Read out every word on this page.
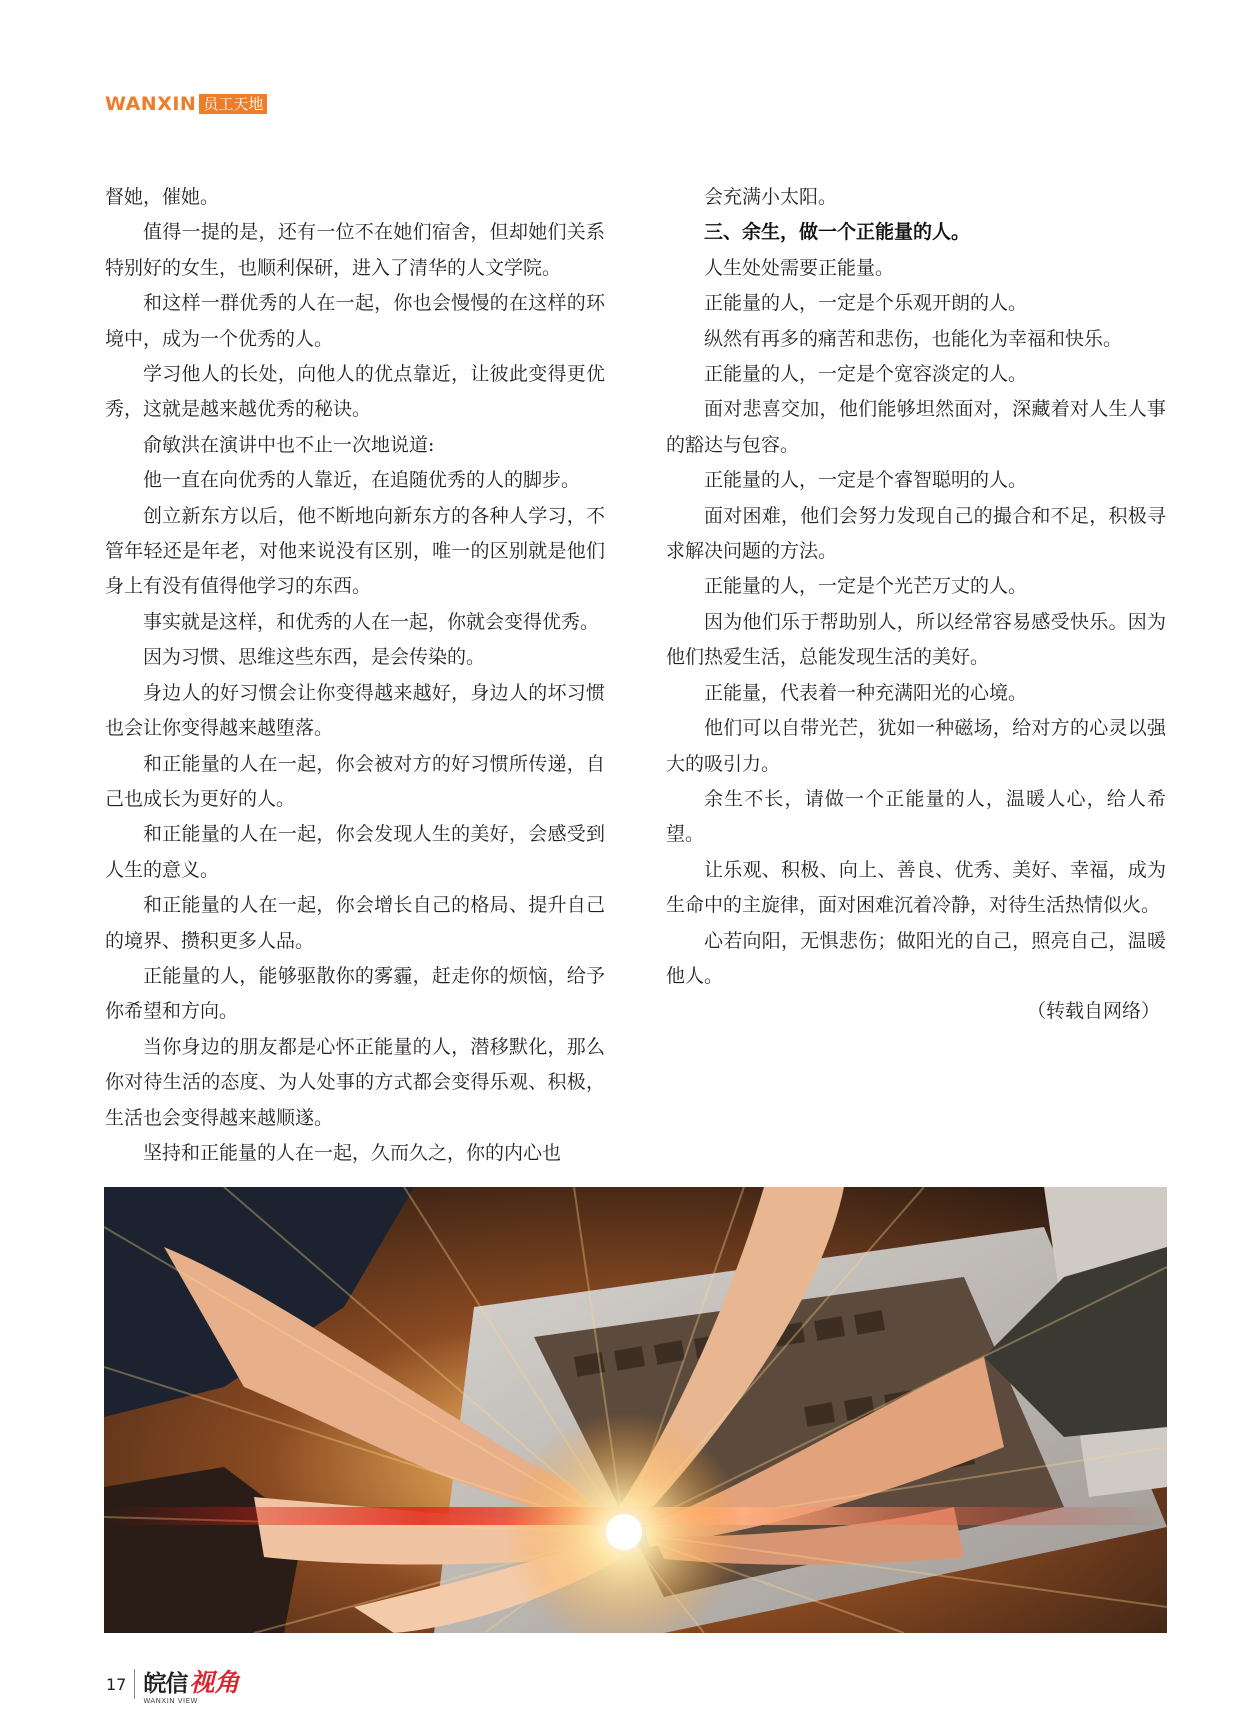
WANXIN 员工天地

督她，催她。

值得一提的是，还有一位不在她们宿舍，但却她们关系特别好的女生，也顺利保研，进入了清华的人文学院。

和这样一群优秀的人在一起，你也会慢慢的在这样的环境中，成为一个优秀的人。

学习他人的长处，向他人的优点靠近，让彼此变得更优秀，这就是越来越优秀的秘诀。

俞敏洪在演讲中也不止一次地说道:

他一直在向优秀的人靠近，在追随优秀的人的脚步。

创立新东方以后，他不断地向新东方的各种人学习，不管年轻还是年老，对他来说没有区别，唯一的区别就是他们身上有没有值得他学习的东西。

事实就是这样，和优秀的人在一起，你就会变得优秀。

因为习惯、思维这些东西，是会传染的。

身边人的好习惯会让你变得越来越好，身边人的坏习惯也会让你变得越来越堕落。

和正能量的人在一起，你会被对方的好习惯所传递，自己也成长为更好的人。

和正能量的人在一起，你会发现人生的美好，会感受到人生的意义。

和正能量的人在一起，你会增长自己的格局、提升自己的境界、攒积更多人品。

正能量的人，能够驱散你的雾霾，赶走你的烦恼，给予你希望和方向。

当你身边的朋友都是心怀正能量的人，潜移默化，那么你对待生活的态度、为人处事的方式都会变得乐观、积极，生活也会变得越来越顺遂。

坚持和正能量的人在一起，久而久之，你的内心也

会充满小太阳。

三、余生，做一个正能量的人。

人生处处需要正能量。

正能量的人，一定是个乐观开朗的人。

纵然有再多的痛苦和悲伤，也能化为幸福和快乐。

正能量的人，一定是个宽容淡定的人。

面对悲喜交加，他们能够坦然面对，深藏着对人生人事的豁达与包容。

正能量的人，一定是个睿智聪明的人。

面对困难，他们会努力发现自己的撮合和不足，积极寻求解决问题的方法。

正能量的人，一定是个光芒万丈的人。

因为他们乐于帮助别人，所以经常容易感受快乐。因为他们热爱生活，总能发现生活的美好。

正能量，代表着一种充满阳光的心境。

他们可以自带光芒，犹如一种磁场，给对方的心灵以强大的吸引力。

余生不长，请做一个正能量的人，温暖人心，给人希望。

让乐观、积极、向上、善良、优秀、美好、幸福，成为生命中的主旋律，面对困难沉着冷静，对待生活热情似火。

心若向阳，无惧悲伤；做阳光的自己，照亮自己，温暖他人。

（转载自网络）

17 皖信 视角
WANXIN VIEW
